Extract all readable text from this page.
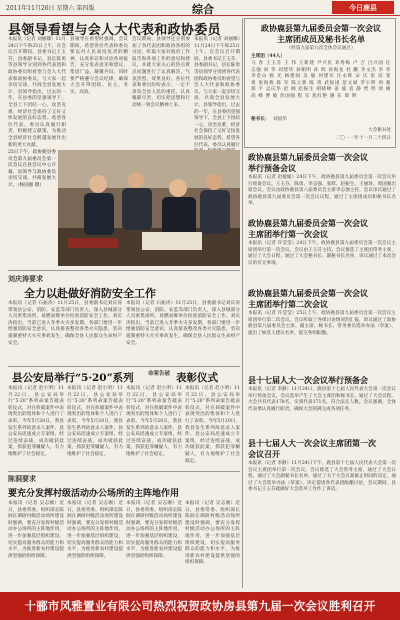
2011年11月26日 星期六 第四版	综合	今日鹿县
县领导看望与会人大代表和政协委员
本报讯（记者 刘丽娜）11月24日下午和25日上午，在会议召开期间，县委书记王玉芬，县委副书记、县长陈勇等县领导分别到各代表团和政协委员组看望与会人大代表和政协委员，与大家一起亲切交谈，共商全县发展大计。县领导指出，过去的一年，在县委的坚强领导下，全县上下团结一心，攻坚克难，经济社会保持了又好又快发展的良好态势。希望各位代表、委员认真履行职责，积极建言献策，为推动全县经济社会跨越发展作出新的更大贡献。
县领导在看望时强调，会议期间，希望各位代表和委员要以对人民高度负责的精神，认真审议和讨论各项报告，充分发表意见和建议，集思广益，凝聚共识。同时要严格遵守会议纪律，确保大会开得团结、民主、务实、高效。
会议期间，县领导还分别参加了各代表团和政协各组的讨论，听取大家对政府工作报告和各项工作的意见和建议，并就大家关心的热点难点问题进行了认真解答，气氛热烈，效果良好。各位代表和委员纷纷表示，一定不辜负全县人民的重托，认真履职尽责，切实把思想和行动统一到会议精神上来。
本报讯（记者 刘丽娜）11月24日下午和25日上午，在会议召开期间，县委书记王玉芬，县委副书记、县长陈勇等县领导分别到各代表团和政协委员组看望与会人大代表和政协委员，与大家一起亲切交谈，共商全县发展大计。县领导指出，过去的一年，在县委的坚强领导下，全县上下团结一心，攻坚克难，经济社会保持了又好又快发展的良好态势。希望各位代表、委员认真履行
25日下午，政协鹿县委员会第九届委员会第一次会议在县会议中心开幕，县领导与政协委员亲切交谈，共商发展大计。（杨国强 摄）
刘庆涛要求
全力以赴做好消防安全工作
本报讯（记者 石振涛）11月25日，县委副书记刘庆涛带领县公安、消防、安监等部门负责人，深入县城部分人员密集场所、易燃易爆单位检查消防安全工作。刘庆涛指出，当前已进入冬季火灾多发期，各部门要进一步增强消防安全意识，认真排查整改各类火灾隐患，坚决遏制重特大火灾事故发生，确保全县人民群众生命财产安全。
本报讯（记者 石振涛）11月25日，县委副书记刘庆涛带领县公安、消防、安监等部门负责人，深入县城部分人员密集场所、易燃易爆单位检查消防安全工作。刘庆涛指出，当前已进入冬季火灾多发期，各部门要进一步增强消防安全意识，认真排查整改各类火灾隐患，坚决遏制重特大火灾事故发生，确保全县人民群众生命财产安全。
县公安局举行“5·20”系列	命案告破 表彰仪式
本报讯（记者 赵小明）11月22日，县公安局举行“5·20”系列命案告破表彰仪式，对在侦破案件中表现突出的集体和个人进行了表彰。今年5月20日，我县发生系列故意杀人案件，县公安局迅速成立专案组，经过连续奋战，成功破获此案，抓获犯罪嫌疑人，有力地维护了社会稳定。
本报讯（记者 赵小明）11月22日，县公安局举行“5·20”系列命案告破表彰仪式，对在侦破案件中表现突出的集体和个人进行了表彰。今年5月20日，我县发生系列故意杀人案件，县公安局迅速成立专案组，经过连续奋战，成功破获此案，抓获犯罪嫌疑人，有力地维护了社会稳定。
本报讯（记者 赵小明）11月22日，县公安局举行“5·20”系列命案告破表彰仪式，对在侦破案件中表现突出的集体和个人进行了表彰。今年5月20日，我县发生系列故意杀人案件，县公安局迅速成立专案组，经过连续奋战，成功破获此案，抓获犯罪嫌疑人，有力地维护了社会稳定。
本报讯（记者 赵小明）11月22日，县公安局举行“5·20”系列命案告破表彰仪式，对在侦破案件中表现突出的集体和个人进行了表彰。今年5月20日，我县发生系列故意杀人案件，县公安局迅速成立专案组，经过连续奋战，成功破获此案，抓获犯罪嫌疑人，有力地维护了社会稳定。
陈洞要求
要充分发挥村级活动办公场所的主阵地作用
本报讯（记者 吴志刚）近日，县委常委、组织部长陈洞在调研村级活动场所建设时强调，要充分发挥村级活动办公场所的主阵地作用，进一步加强基层组织建设，切实提高服务群众的能力和水平，为推进新农村建设提供坚强的组织保障。
本报讯（记者 吴志刚）近日，县委常委、组织部长陈洞在调研村级活动场所建设时强调，要充分发挥村级活动办公场所的主阵地作用，进一步加强基层组织建设，切实提高服务群众的能力和水平，为推进新农村建设提供坚强的组织保障。
本报讯（记者 吴志刚）近日，县委常委、组织部长陈洞在调研村级活动场所建设时强调，要充分发挥村级活动办公场所的主阵地作用，进一步加强基层组织建设，切实提高服务群众的能力和水平，为推进新农村建设提供坚强的组织保障。
本报讯（记者 吴志刚）近日，县委常委、组织部长陈洞在调研村级活动场所建设时强调，要充分发挥村级活动办公场所的主阵地作用，进一步加强基层组织建设，切实提高服务群众的能力和水平，为推进新农村建设提供坚强的组织保障。
政协鹿县第九届委员会第一次会议
主席团成员及秘书长名单
（经第九届第九次全体会议通过）
主席团（44人）
马 春 王玉芬 王 伟 王新建 尹兴民 邓秀梅 卢 吉 吕兴国 任志强 刘 华 刘建华 刘朝明 孙 辉 孙海龙 杜 鹏 李文杰 李 华 李金山 杨 光 杨建国 吴 敏 何建军 汪永辉 宋 庆 张 洁 张 勇 张海燕 陈 军 陈立新 陈 勇 武振国 范文斌 罗小明 周 强 郑 平 孟庆华 赵 刚 赵振生 胡晓峰 姜 波 袁 静 贾 明 徐 刚 高 峰 曹 敏 彭国强 程 军 焦红艳 谢 东 谭 明
秘书长： 刘国华
大会秘书处
二〇一一年十一月二十四日
政协鹿县第九届委员会第一次会议
举行预备会议
本报讯（记者 赵媛媛）24日下午，政协鹿县第九届委员会第一次会议举行预备会议。王玉芬、陈勇、李志强、张辉、赵振生、王丽珍、周国强出席会议。会议由政协鹿县第八届委员会主席李志强主持。会议审议通过了政协鹿县第九届委员会第一次会议议程，通过了主席团成员和秘书长名单。
政协鹿县第九届委员会第一次会议
主席团举行第一次会议
本报讯（记者 许莹莹）24日下午，政协鹿县第九届委员会第一次会议主席团举行第一次会议。会议由王玉芬主持。会议推选了主席团常务主席，通过了大会日程，通过了大会秘书长、副秘书长名单，审议通过了本次会议的有关事项。
政协鹿县第九届委员会第一次会议
主席团举行第二次会议
本报讯（记者 许莹莹）25日上午，政协鹿县第九届委员会第一次会议主席团举行第二次会议。会议听取了各组讨论情况的汇报，审议通过了政协鹿县第九届委员会主席、副主席、秘书长、常务委员选举办法（草案），提出了候选人建议名单，提交各组酝酿。
县十七届人大一次会议举行预备会
本报讯（记者 李静）11月24日，鹿县第十七届人民代表大会第一次会议举行预备会议。会议选举产生了大会主席团和秘书长，通过了大会议程。大会共有代表178名，实到代表171名，符合法定人数。会议强调，全体代表要认真履行职责，确保大会圆满完成各项任务。
县十七届人大一次会议主席团第一次
会议召开
本报讯（记者 李静）11月24日下午，鹿县第十七届人民代表大会第一次会议主席团举行第一次会议。会议推选了大会常务主席，通过了大会日程，通过了大会副秘书长名单，通过了关于大会议案截止时间的决定，通过了大会选举办法（草案），决定提请各代表团酝酿讨论，会议期间，县委书记王玉芬就做好大会选举工作作了讲话。
十郦市风雅置业有限公司热烈祝贺政协房县第九届一次会议胜利召开
